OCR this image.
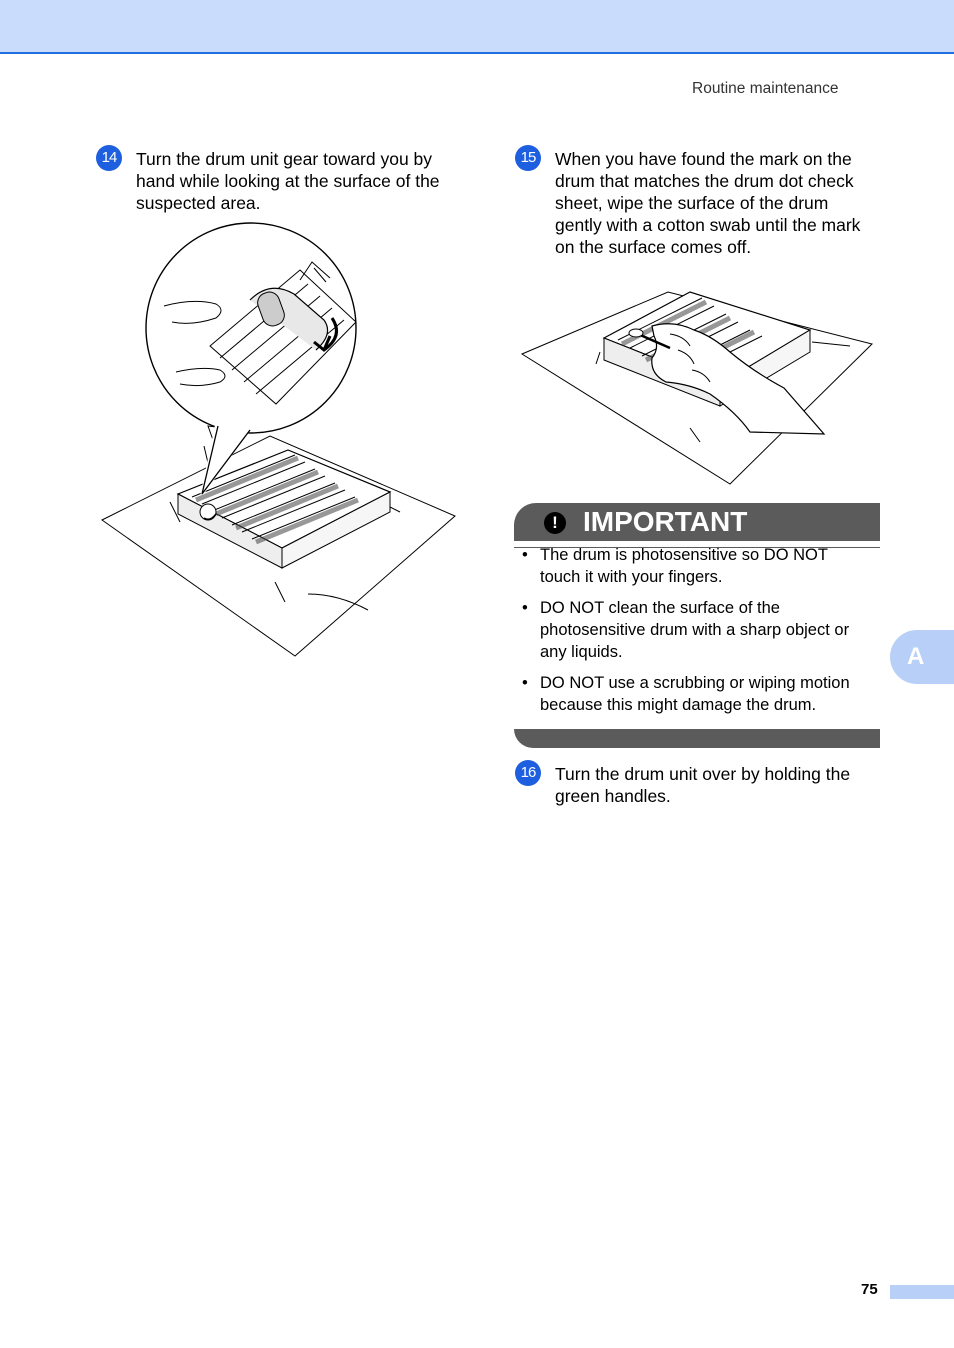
Routine maintenance
14	Turn the drum unit gear toward you by
hand while looking at the surface of the
suspected area.
15	When you have found the mark on the
drum that matches the drum dot check
sheet, wipe the surface of the drum
gently with a cotton swab until the mark
on the surface comes off.
! IMPORTANT
• The drum is photosensitive so DO NOT
touch it with your fingers.
• DO NOT clean the surface of the
photosensitive drum with a sharp object or
any liquids.
• DO NOT use a scrubbing or wiping motion
because this might damage the drum.
16	Turn the drum unit over by holding the
green handles.
A
75
